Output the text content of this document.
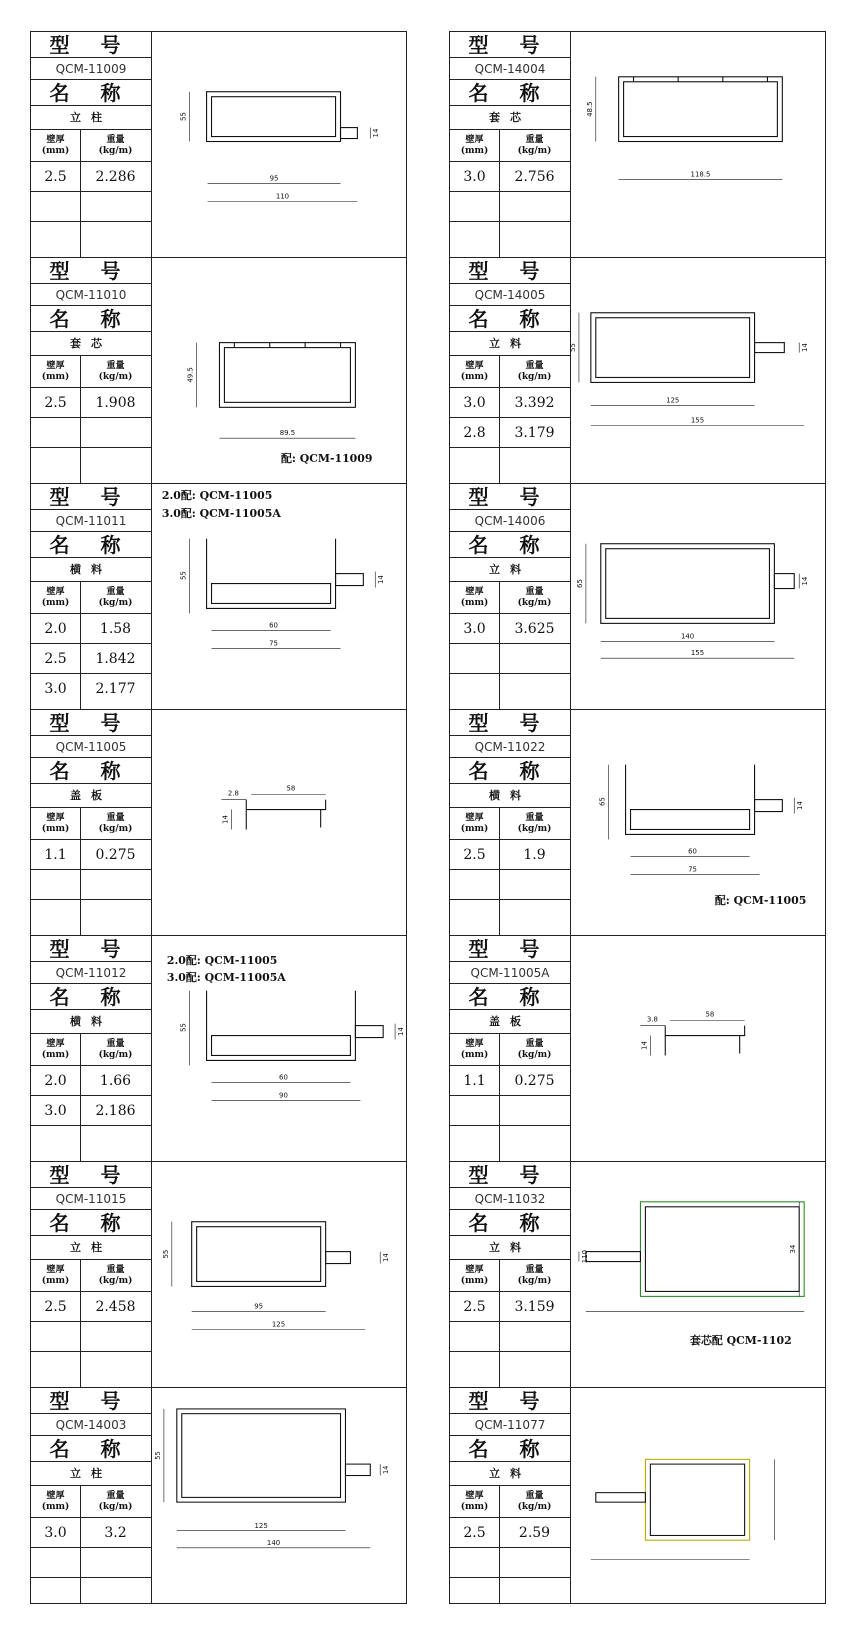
型 号
QCM-11009
名 称
立柱
壁厚
(mm)
重量
(kg/m)
2.5	2.286
55
14
95
110
型 号
QCM-11010
名 称
套芯
壁厚
(mm)
重量
(kg/m)
2.5	1.908
49.5
89.5
配: QCM-11009
型 号
QCM-11011
名 称
横料
壁厚
(mm)
重量
(kg/m)
2.0	1.58
2.5	1.842
3.0	2.177
55	14
60
75
2.0配: QCM-11005
3.0配: QCM-11005A
型 号
QCM-11005
名 称
盖板
壁厚
(mm)
重量
(kg/m)
1.1	0.275
2.8
58
14
型 号
QCM-11012
名 称
横料
壁厚
(mm)
重量
(kg/m)
2.0	1.66
3.0	2.186
55	14
60
90
2.0配: QCM-11005
3.0配: QCM-11005A
型 号
QCM-11015
名 称
立柱
壁厚
(mm)
重量
(kg/m)
2.5	2.458
55	14
95
125
型 号
QCM-14003
名 称
立柱
壁厚
(mm)
重量
(kg/m)
3.0	3.2
55
14
125
140
型 号
QCM-14004
名 称
套芯
壁厚
(mm)
重量
(kg/m)
3.0	2.756
48.5
118.5
型 号
QCM-14005
名 称
立料
壁厚
(mm)
重量
(kg/m)
3.0	3.392
2.8	3.179
55	14
125
155
型 号
QCM-14006
名 称
立料
壁厚
(mm)
重量
(kg/m)
3.0	3.625
65	14
140
155
型 号
QCM-11022
名 称
横料
壁厚
(mm)
重量
(kg/m)
2.5	1.9
65	14
60
75
配: QCM-11005
型 号
QCM-11005A
名 称
盖板
壁厚
(mm)
重量
(kg/m)
1.1	0.275
3.8
58
14
型 号
QCM-11032
名 称
立料
壁厚
(mm)
重量
(kg/m)
2.5	3.159
34
110
套芯配 QCM-1102
型 号
QCM-11077
名 称
立料
壁厚
(mm)
重量
(kg/m)
2.5	2.59
